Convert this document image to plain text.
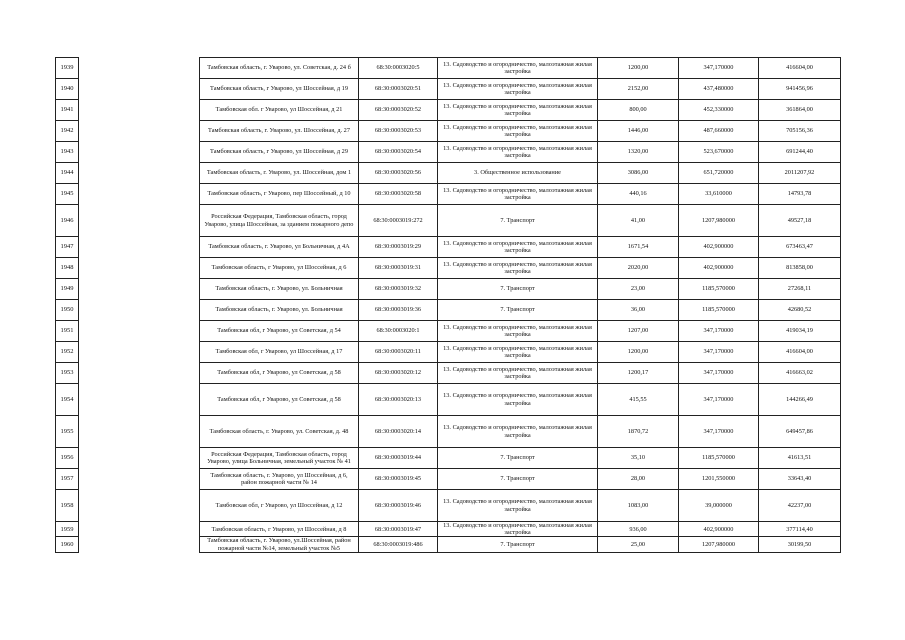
1939		Тамбовская область, г. Уварово, ул. Советская, д. 24 б	68:30:0003020:5	13. Садоводство и огородничество, малоэтажная жилая застройка	1200,00	347,170000	416604,00
1940		Тамбовская область, г Уварово, ул Шоссейная, д 19	68:30:0003020:51	13. Садоводство и огородничество, малоэтажная жилая застройка	2152,00	437,480000	941456,96
1941		Тамбовская обл. г Уварово, ул Шоссейная, д 21	68:30:0003020:52	13. Садоводство и огородничество, малоэтажная жилая застройка	800,00	452,330000	361864,00
1942		Тамбовская область, г. Уварово, ул. Шоссейная, д. 27	68:30:0003020:53	13. Садоводство и огородничество, малоэтажная жилая застройка	1446,00	487,660000	705156,36
1943		Тамбовская область, г Уварово, ул Шоссейная, д 29	68:30:0003020:54	13. Садоводство и огородничество, малоэтажная жилая застройка	1320,00	523,670000	691244,40
1944		Тамбовская область, г. Уварово, ул. Шоссейная, дом 1	68:30:0003020:56	3. Общественное использование	3086,00	651,720000	2011207,92
1945		Тамбовская область, г Уварово, пер Шоссейный, д 10	68:30:0003020:58	13. Садоводство и огородничество, малоэтажная жилая застройка	440,16	33,610000	14793,78
1946		Российская Федерация, Тамбовская область, город Уварово, улица Шоссейная, за зданием пожарного депо	68:30:0003019:272	7. Транспорт	41,00	1207,980000	49527,18
1947		Тамбовская область, г. Уварово, ул Больничная, д 4А	68:30:0003019:29	13. Садоводство и огородничество, малоэтажная жилая застройка	1671,54	402,900000	673463,47
1948		Тамбовская область, г Уварово, ул Шоссейная, д 6	68:30:0003019:31	13. Садоводство и огородничество, малоэтажная жилая застройка	2020,00	402,900000	813858,00
1949		Тамбовская область, г. Уварово, ул. Больничная	68:30:0003019:32	7. Транспорт	23,00	1185,570000	27268,11
1950		Тамбовская область, г. Уварово, ул. Больничная	68:30:0003019:36	7. Транспорт	36,00	1185,570000	42680,52
1951		Тамбовская обл, г Уварово, ул Советская, д 54	68:30:0003020:1	13. Садоводство и огородничество, малоэтажная жилая застройка	1207,00	347,170000	419034,19
1952		Тамбовская обл, г Уварово, ул Шоссейная, д 17	68:30:0003020:11	13. Садоводство и огородничество, малоэтажная жилая застройка	1200,00	347,170000	416604,00
1953		Тамбовская обл, г Уварово, ул Советская, д 58	68:30:0003020:12	13. Садоводство и огородничество, малоэтажная жилая застройка	1200,17	347,170000	416663,02
1954		Тамбовская обл, г Уварово, ул Советская, д 58	68:30:0003020:13	13. Садоводство и огородничество, малоэтажная жилая застройка	415,55	347,170000	144266,49
1955		Тамбовская область, г. Уварово, ул. Советская, д. 48	68:30:0003020:14	13. Садоводство и огородничество, малоэтажная жилая застройка	1870,72	347,170000	649457,86
1956		Российская Федерация, Тамбовская область, город Уварово, улица Больничная, земельный участок № 41	68:30:0003019:44	7. Транспорт	35,10	1185,570000	41613,51
1957		Тамбовская область, г. Уварово, ул Шоссейная, д 6, район пожарной части № 14	68:30:0003019:45	7. Транспорт	28,00	1201,550000	33643,40
1958		Тамбовская обл, г Уварово, ул Шоссейная, д 12	68:30:0003019:46	13. Садоводство и огородничество, малоэтажная жилая застройка	1083,00	39,000000	42237,00
1959		Тамбовская область, г Уварово, ул Шоссейная, д 8	68:30:0003019:47	13. Садоводство и огородничество, малоэтажная жилая застройка	936,00	402,900000	377114,40
1960		Тамбовская область, г. Уварово, ул.Шоссейная, район пожарной части №14, земельный участок №5	68:30:0003019:486	7. Транспорт	25,00	1207,980000	30199,50
